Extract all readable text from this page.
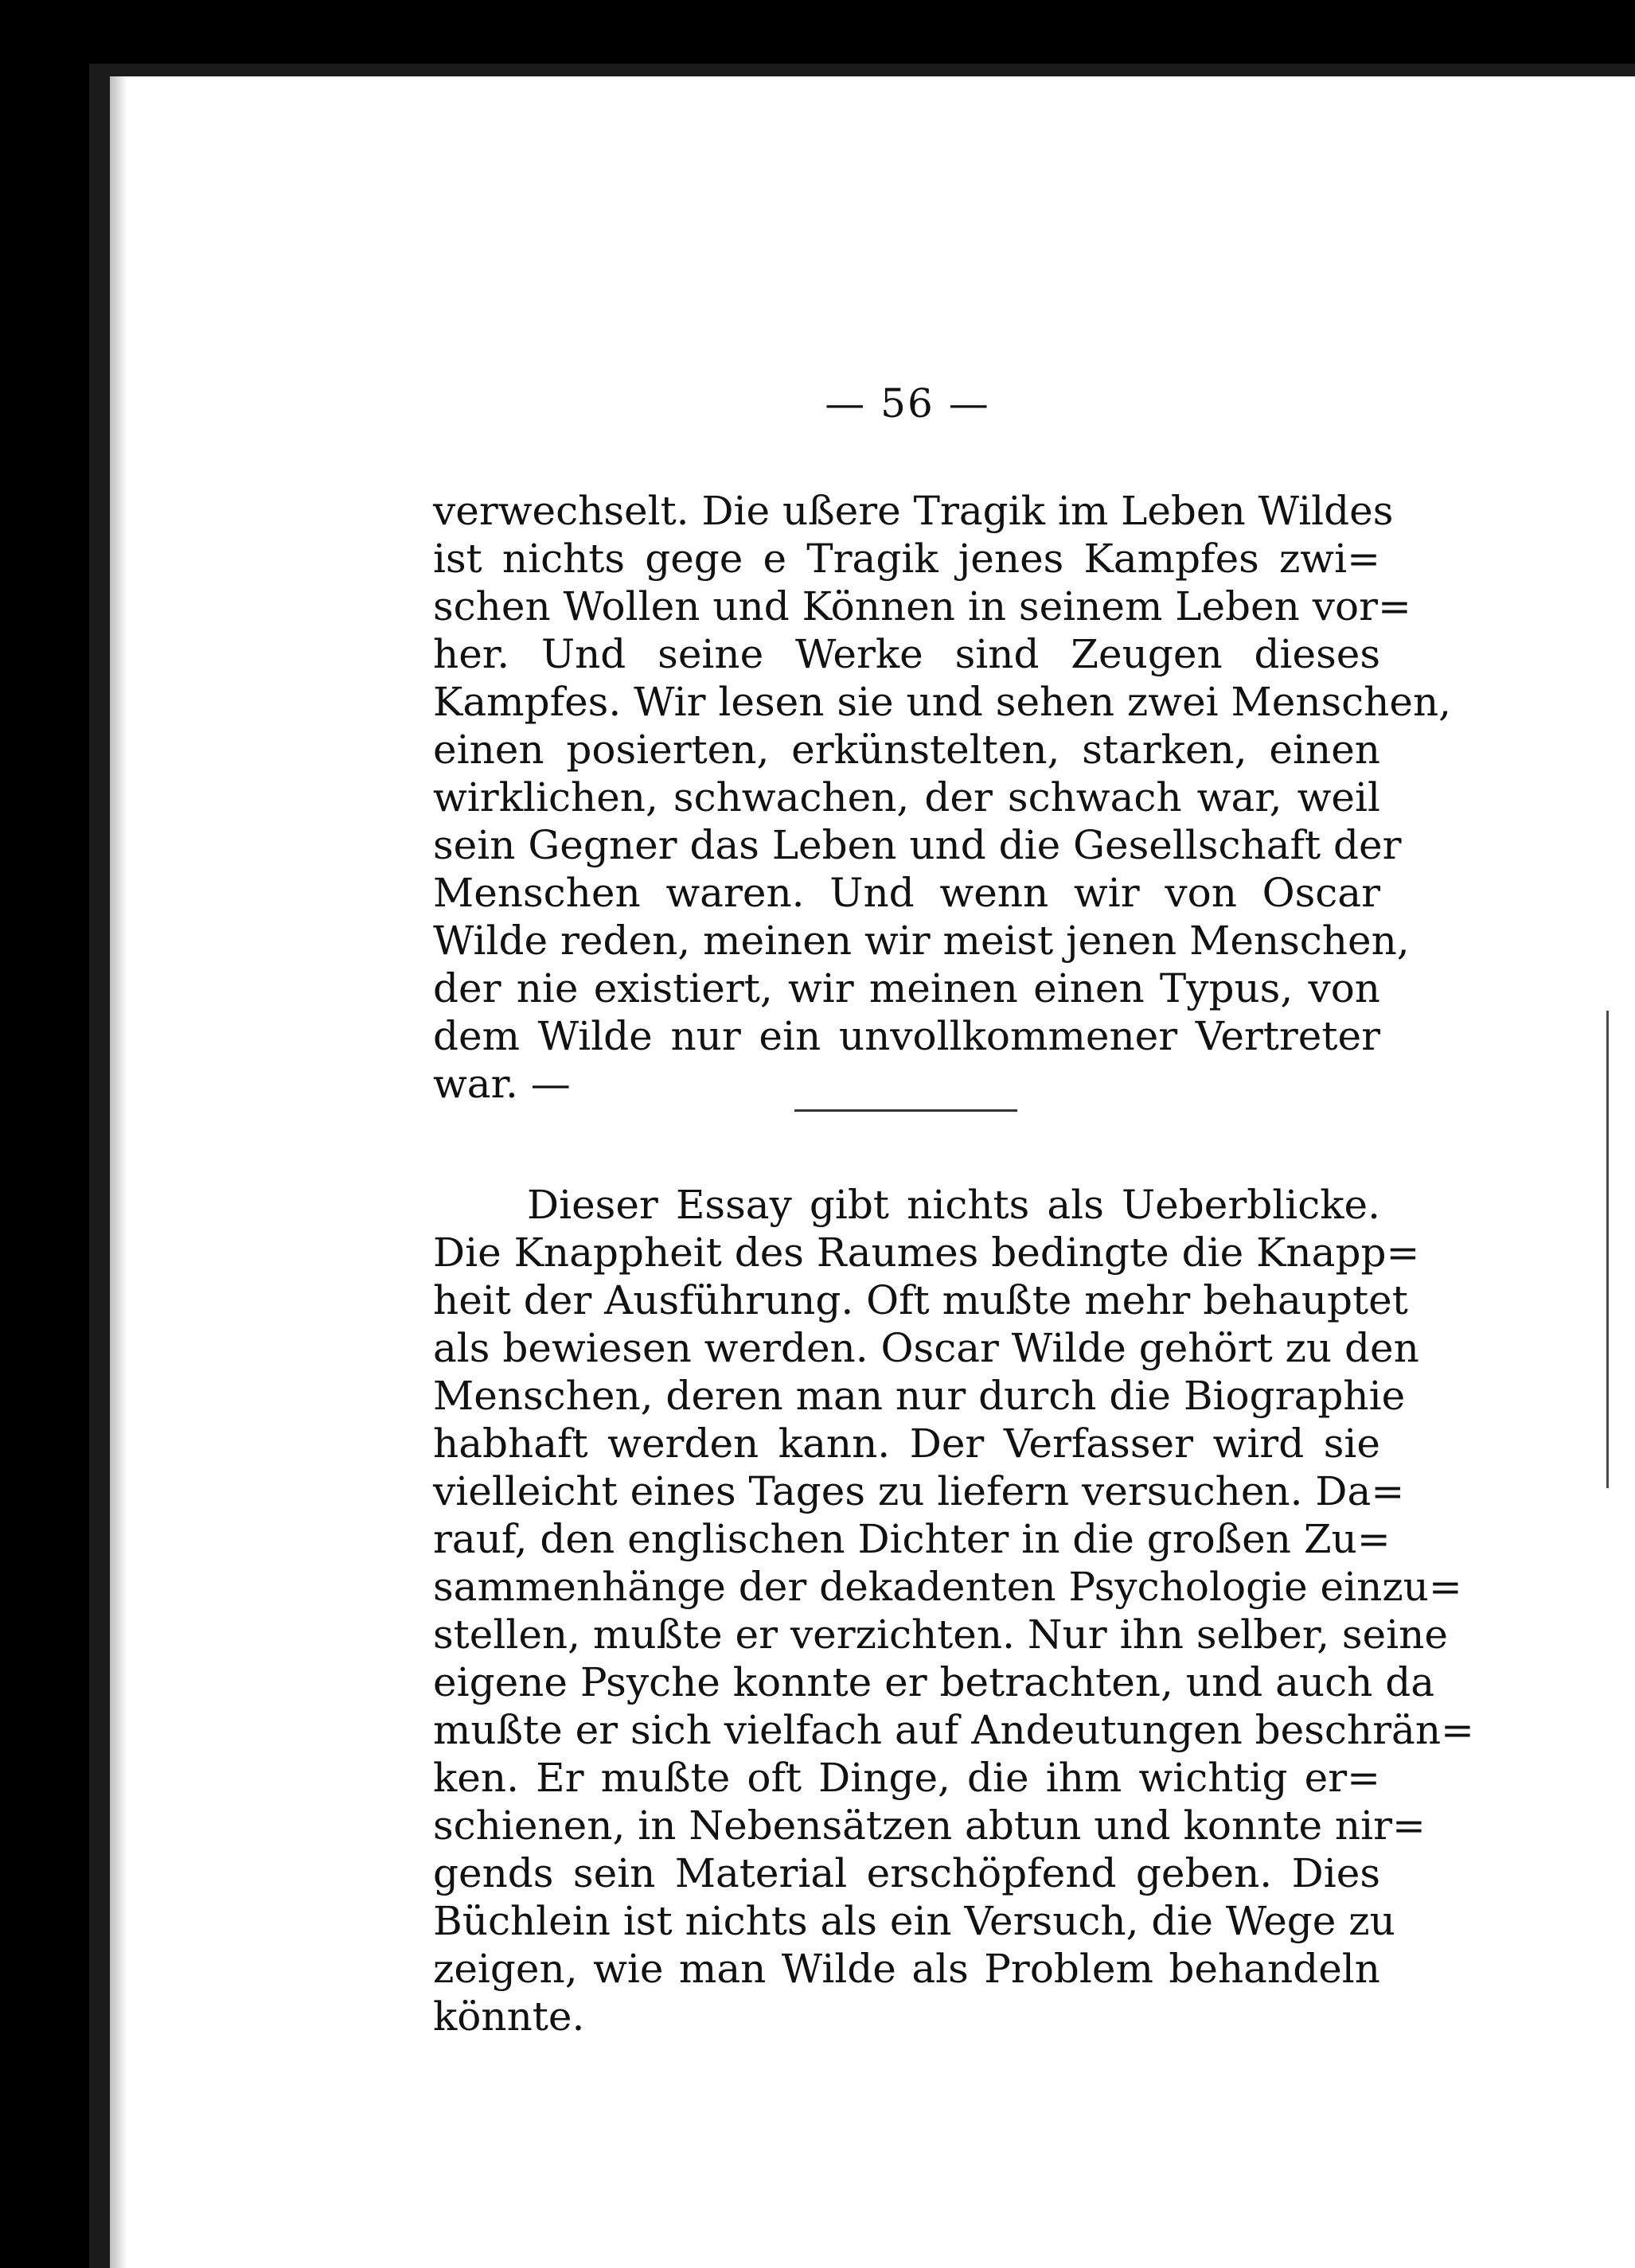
— 56 —
verwechselt. Die ußere Tragik im Leben Wildes
ist nichts gege e Tragik jenes Kampfes zwi=
schen Wollen und Können in seinem Leben vor=
her. Und seine Werke sind Zeugen dieses
Kampfes. Wir lesen sie und sehen zwei Menschen,
einen posierten, erkünstelten, starken, einen
wirklichen, schwachen, der schwach war, weil
sein Gegner das Leben und die Gesellschaft der
Menschen waren. Und wenn wir von Oscar
Wilde reden, meinen wir meist jenen Menschen,
der nie existiert, wir meinen einen Typus, von
dem Wilde nur ein unvollkommener Vertreter
war. —
Dieser Essay gibt nichts als Ueberblicke.
Die Knappheit des Raumes bedingte die Knapp=
heit der Ausführung. Oft mußte mehr behauptet
als bewiesen werden. Oscar Wilde gehört zu den
Menschen, deren man nur durch die Biographie
habhaft werden kann. Der Verfasser wird sie
vielleicht eines Tages zu liefern versuchen. Da=
rauf, den englischen Dichter in die großen Zu=
sammenhänge der dekadenten Psychologie einzu=
stellen, mußte er verzichten. Nur ihn selber, seine
eigene Psyche konnte er betrachten, und auch da
mußte er sich vielfach auf Andeutungen beschrän=
ken. Er mußte oft Dinge, die ihm wichtig er=
schienen, in Nebensätzen abtun und konnte nir=
gends sein Material erschöpfend geben. Dies
Büchlein ist nichts als ein Versuch, die Wege zu
zeigen, wie man Wilde als Problem behandeln
könnte.
